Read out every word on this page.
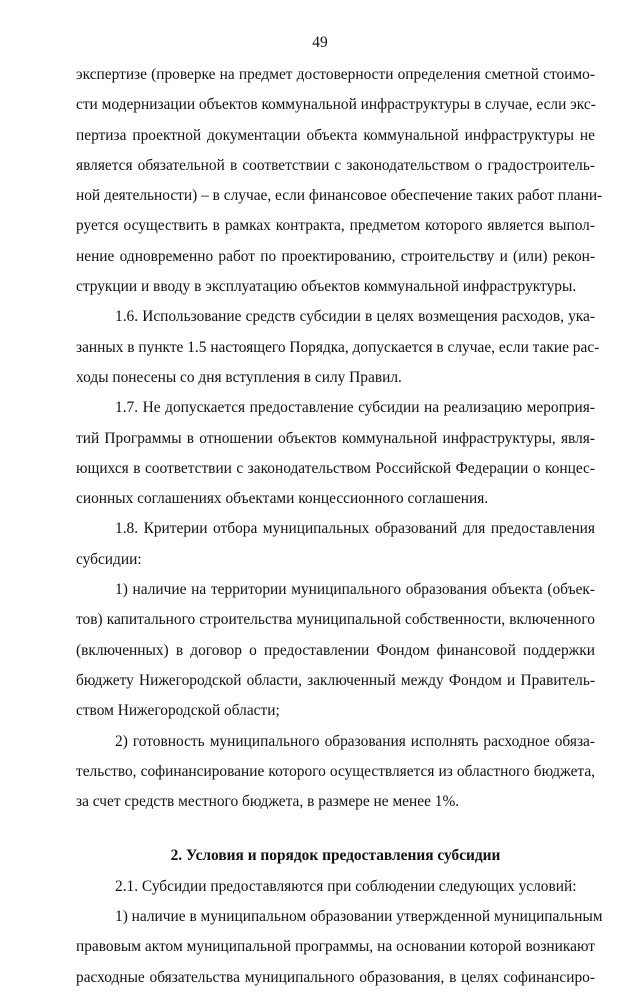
49
экспертизе (проверке на предмет достоверности определения сметной стоимо-
сти модернизации объектов коммунальной инфраструктуры в случае, если экс-
пертиза проектной документации объекта коммунальной инфраструктуры не
является обязательной в соответствии с законодательством о градостроитель-
ной деятельности) – в случае, если финансовое обеспечение таких работ плани-
руется осуществить в рамках контракта, предметом которого является выпол-
нение одновременно работ по проектированию, строительству и (или) рекон-
струкции и вводу в эксплуатацию объектов коммунальной инфраструктуры.
1.6. Использование средств субсидии в целях возмещения расходов, ука-
занных в пункте 1.5 настоящего Порядка, допускается в случае, если такие рас-
ходы понесены со дня вступления в силу Правил.
1.7. Не допускается предоставление субсидии на реализацию мероприя-
тий Программы в отношении объектов коммунальной инфраструктуры, явля-
ющихся в соответствии с законодательством Российской Федерации о концес-
сионных соглашениях объектами концессионного соглашения.
1.8. Критерии отбора муниципальных образований для предоставления
субсидии:
1) наличие на территории муниципального образования объекта (объек-
тов) капитального строительства муниципальной собственности, включенного
(включенных) в договор о предоставлении Фондом финансовой поддержки
бюджету Нижегородской области, заключенный между Фондом и Правитель-
ством Нижегородской области;
2) готовность муниципального образования исполнять расходное обяза-
тельство, софинансирование которого осуществляется из областного бюджета,
за счет средств местного бюджета, в размере не менее 1%.
2. Условия и порядок предоставления субсидии
2.1. Субсидии предоставляются при соблюдении следующих условий:
1) наличие в муниципальном образовании утвержденной муниципальным
правовым актом муниципальной программы, на основании которой возникают
расходные обязательства муниципального образования, в целях софинансиро-
